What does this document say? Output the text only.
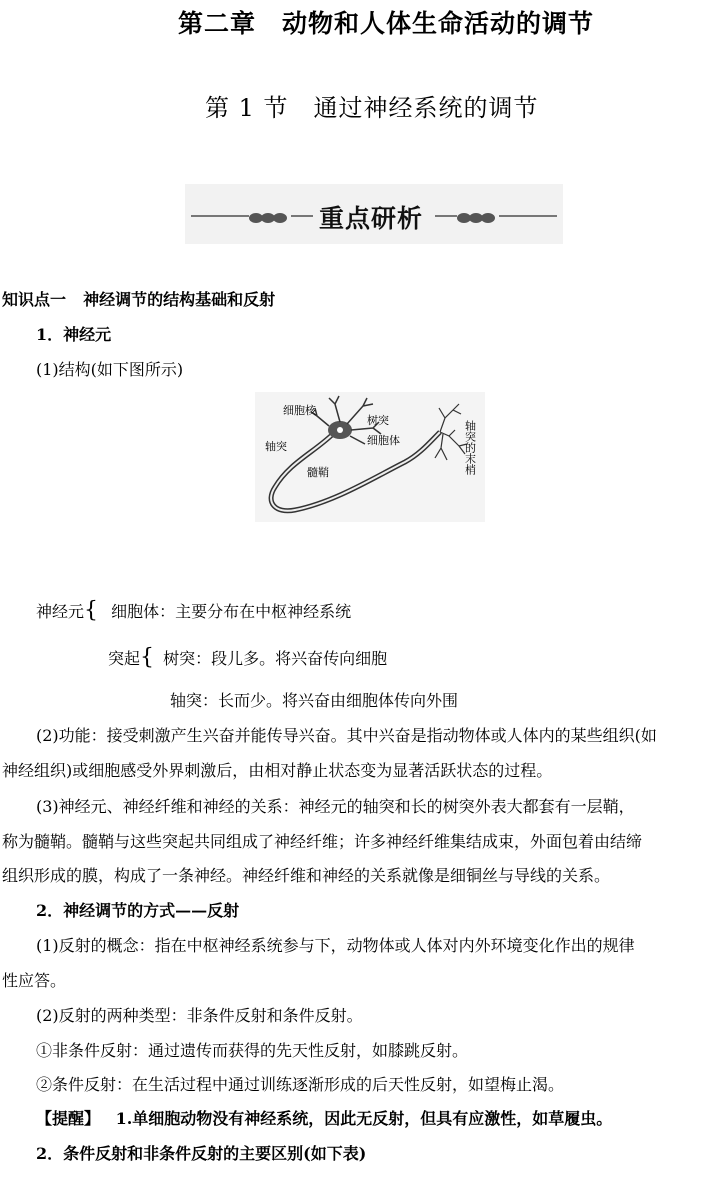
第二章　动物和人体生命活动的调节
第 1 节　通过神经系统的调节
重点研析
知识点一 神经调节的结构基础和反射
1．神经元
(1)结构(如下图所示)
细胞核
树突
细胞体
轴突
髓鞘	轴突的末梢
神经元{ 细胞体：主要分布在中枢神经系统
突起{ 树突：段儿多。将兴奋传向细胞
轴突：长而少。将兴奋由细胞体传向外围
(2)功能：接受刺激产生兴奋并能传导兴奋。其中兴奋是指动物体或人体内的某些组织(如
神经组织)或细胞感受外界刺激后，由相对静止状态变为显著活跃状态的过程。
(3)神经元、神经纤维和神经的关系：神经元的轴突和长的树突外表大都套有一层鞘，
称为髓鞘。髓鞘与这些突起共同组成了神经纤维；许多神经纤维集结成束，外面包着由结缔
组织形成的膜，构成了一条神经。神经纤维和神经的关系就像是细铜丝与导线的关系。
2．神经调节的方式——反射
(1)反射的概念：指在中枢神经系统参与下，动物体或人体对内外环境变化作出的规律
性应答。
(2)反射的两种类型：非条件反射和条件反射。
①非条件反射：通过遗传而获得的先天性反射，如膝跳反射。
②条件反射：在生活过程中通过训练逐渐形成的后天性反射，如望梅止渴。
【提醒】 1.单细胞动物没有神经系统，因此无反射，但具有应激性，如草履虫。
2．条件反射和非条件反射的主要区别(如下表)
